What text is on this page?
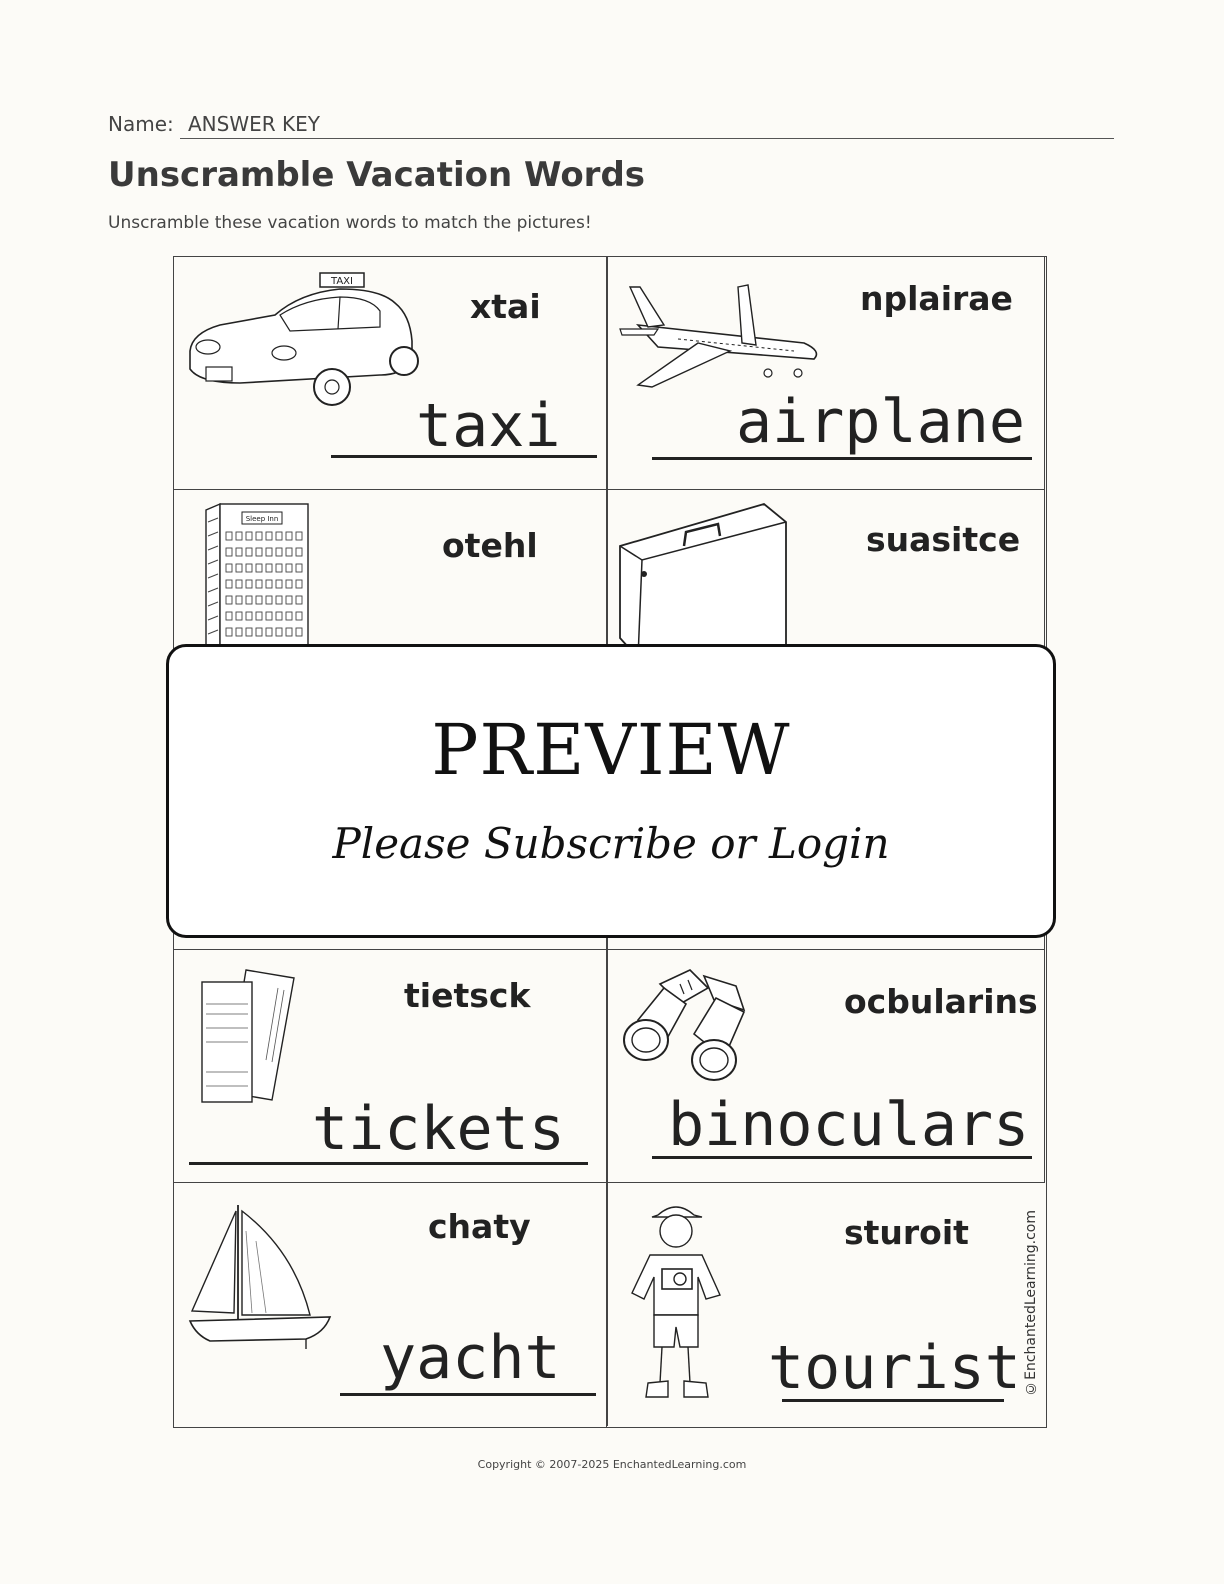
Name: ANSWER KEY
Unscramble Vacation Words
Unscramble these vacation words to match the pictures!
TAXI
xtai
taxi
nplairae
airplane
Sleep Inn
otehl	suasitce
tietsck
tickets
ocbularins
binoculars
chaty
yacht
sturoit
tourist ©EnchantedLearning.com
PREVIEW
Please Subscribe or Login
Copyright © 2007-2025 EnchantedLearning.com
